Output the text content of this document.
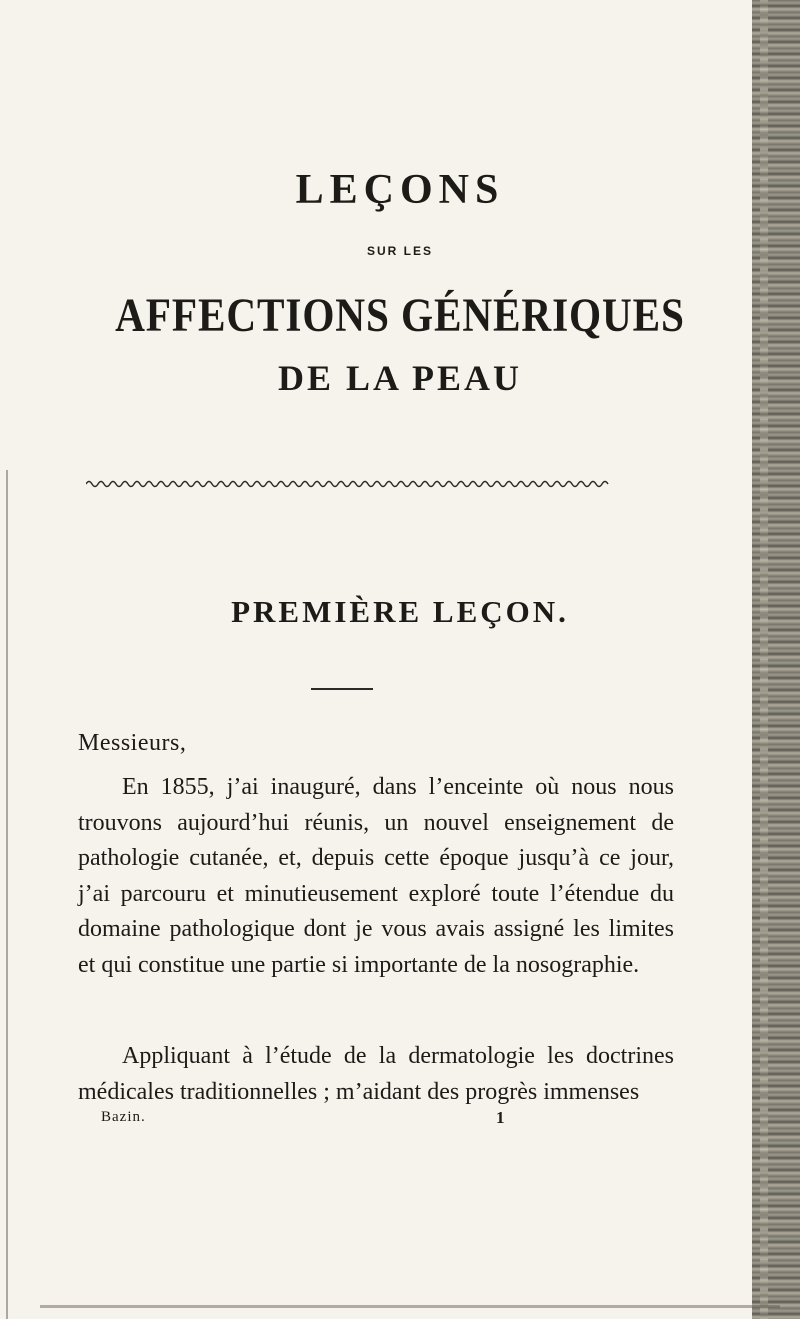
LEÇONS

SUR LES

AFFECTIONS GÉNÉRIQUES
DE LA PEAU
PREMIÈRE LEÇON.

Messieurs,

En 1855, j’ai inauguré, dans l’enceinte où nous nous trouvons aujourd’hui réunis, un nouvel enseignement de pathologie cutanée, et, depuis cette époque jusqu’à ce jour, j’ai parcouru et minutieusement exploré toute l’étendue du domaine pathologique dont je vous avais assigné les limites et qui constitue une partie si importante de la nosographie.

Appliquant à l’étude de la dermatologie les doctrines médicales traditionnelles ; m’aidant des progrès immenses

Bazin.	1
